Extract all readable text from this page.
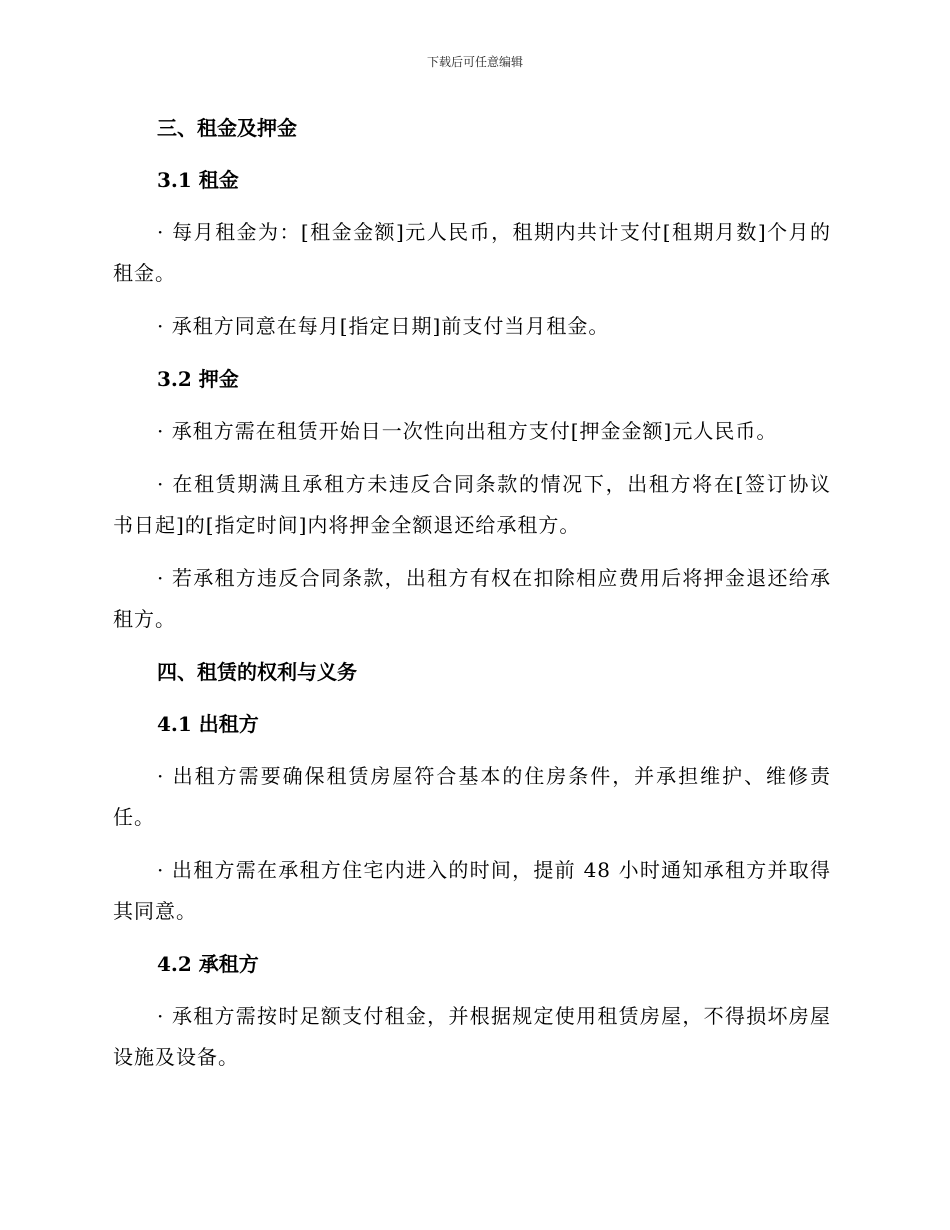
下载后可任意编辑
三、租金及押金
3.1 租金

· 每月租金为：[租金金额]元人民币，租期内共计支付[租期月数]个月的租金。

· 承租方同意在每月[指定日期]前支付当月租金。

3.2 押金

· 承租方需在租赁开始日一次性向出租方支付[押金金额]元人民币。

· 在租赁期满且承租方未违反合同条款的情况下，出租方将在[签订协议书日起]的[指定时间]内将押金全额退还给承租方。

· 若承租方违反合同条款，出租方有权在扣除相应费用后将押金退还给承租方。

四、租赁的权利与义务
4.1 出租方

· 出租方需要确保租赁房屋符合基本的住房条件，并承担维护、维修责任。

· 出租方需在承租方住宅内进入的时间，提前 48 小时通知承租方并取得其同意。

4.2 承租方

· 承租方需按时足额支付租金，并根据规定使用租赁房屋，不得损坏房屋设施及设备。
